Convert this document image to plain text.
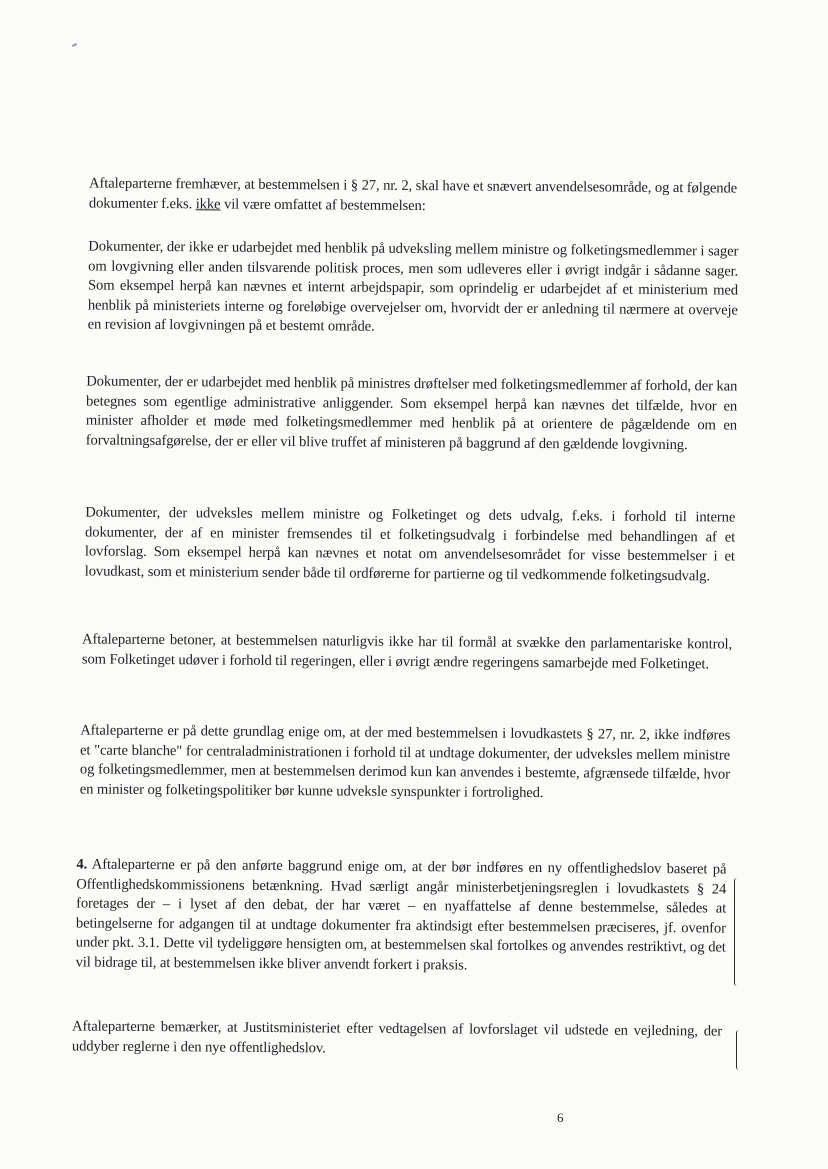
Aftaleparterne fremhæver, at bestemmelsen i § 27, nr. 2, skal have et snævert anvendelsesområde, og at følgende dokumenter f.eks. ikke vil være omfattet af bestemmelsen:

Dokumenter, der ikke er udarbejdet med henblik på udveksling mellem ministre og folketingsmedlemmer i sager om lovgivning eller anden tilsvarende politisk proces, men som udleveres eller i øvrigt indgår i sådanne sager. Som eksempel herpå kan nævnes et internt arbejdspapir, som oprindelig er udarbejdet af et ministerium med henblik på ministeriets interne og foreløbige overvejelser om, hvorvidt der er anledning til nærmere at overveje en revision af lovgivningen på et bestemt område.

Dokumenter, der er udarbejdet med henblik på ministres drøftelser med folketingsmedlemmer af forhold, der kan betegnes som egentlige administrative anliggender. Som eksempel herpå kan nævnes det tilfælde, hvor en minister afholder et møde med folketingsmedlemmer med henblik på at orientere de pågældende om en forvaltningsafgørelse, der er eller vil blive truffet af ministeren på baggrund af den gældende lovgivning.

Dokumenter, der udveksles mellem ministre og Folketinget og dets udvalg, f.eks. i forhold til interne dokumenter, der af en minister fremsendes til et folketingsudvalg i forbindelse med behandlingen af et lovforslag. Som eksempel herpå kan nævnes et notat om anvendelsesområdet for visse bestemmelser i et lovudkast, som et ministerium sender både til ordførerne for partierne og til vedkommende folketingsudvalg.

Aftaleparterne betoner, at bestemmelsen naturligvis ikke har til formål at svække den parlamentariske kontrol, som Folketinget udøver i forhold til regeringen, eller i øvrigt ændre regeringens samarbejde med Folketinget.

Aftaleparterne er på dette grundlag enige om, at der med bestemmelsen i lovudkastets § 27, nr. 2, ikke indføres et "carte blanche" for centraladministrationen i forhold til at undtage dokumenter, der udveksles mellem ministre og folketingsmedlemmer, men at bestemmelsen derimod kun kan anvendes i bestemte, afgrænsede tilfælde, hvor en minister og folketingspolitiker bør kunne udveksle synspunkter i fortrolighed.

4. Aftaleparterne er på den anførte baggrund enige om, at der bør indføres en ny offentlighedslov baseret på Offentlighedskommissionens betænkning. Hvad særligt angår ministerbetjeningsreglen i lovudkastets § 24 foretages der – i lyset af den debat, der har været – en nyaffattelse af denne bestemmelse, således at betingelserne for adgangen til at undtage dokumenter fra aktindsigt efter bestemmelsen præciseres, jf. ovenfor under pkt. 3.1. Dette vil tydeliggøre hensigten om, at bestemmelsen skal fortolkes og anvendes restriktivt, og det vil bidrage til, at bestemmelsen ikke bliver anvendt forkert i praksis.

Aftaleparterne bemærker, at Justitsministeriet efter vedtagelsen af lovforslaget vil udstede en vejledning, der uddyber reglerne i den nye offentlighedslov.

6
